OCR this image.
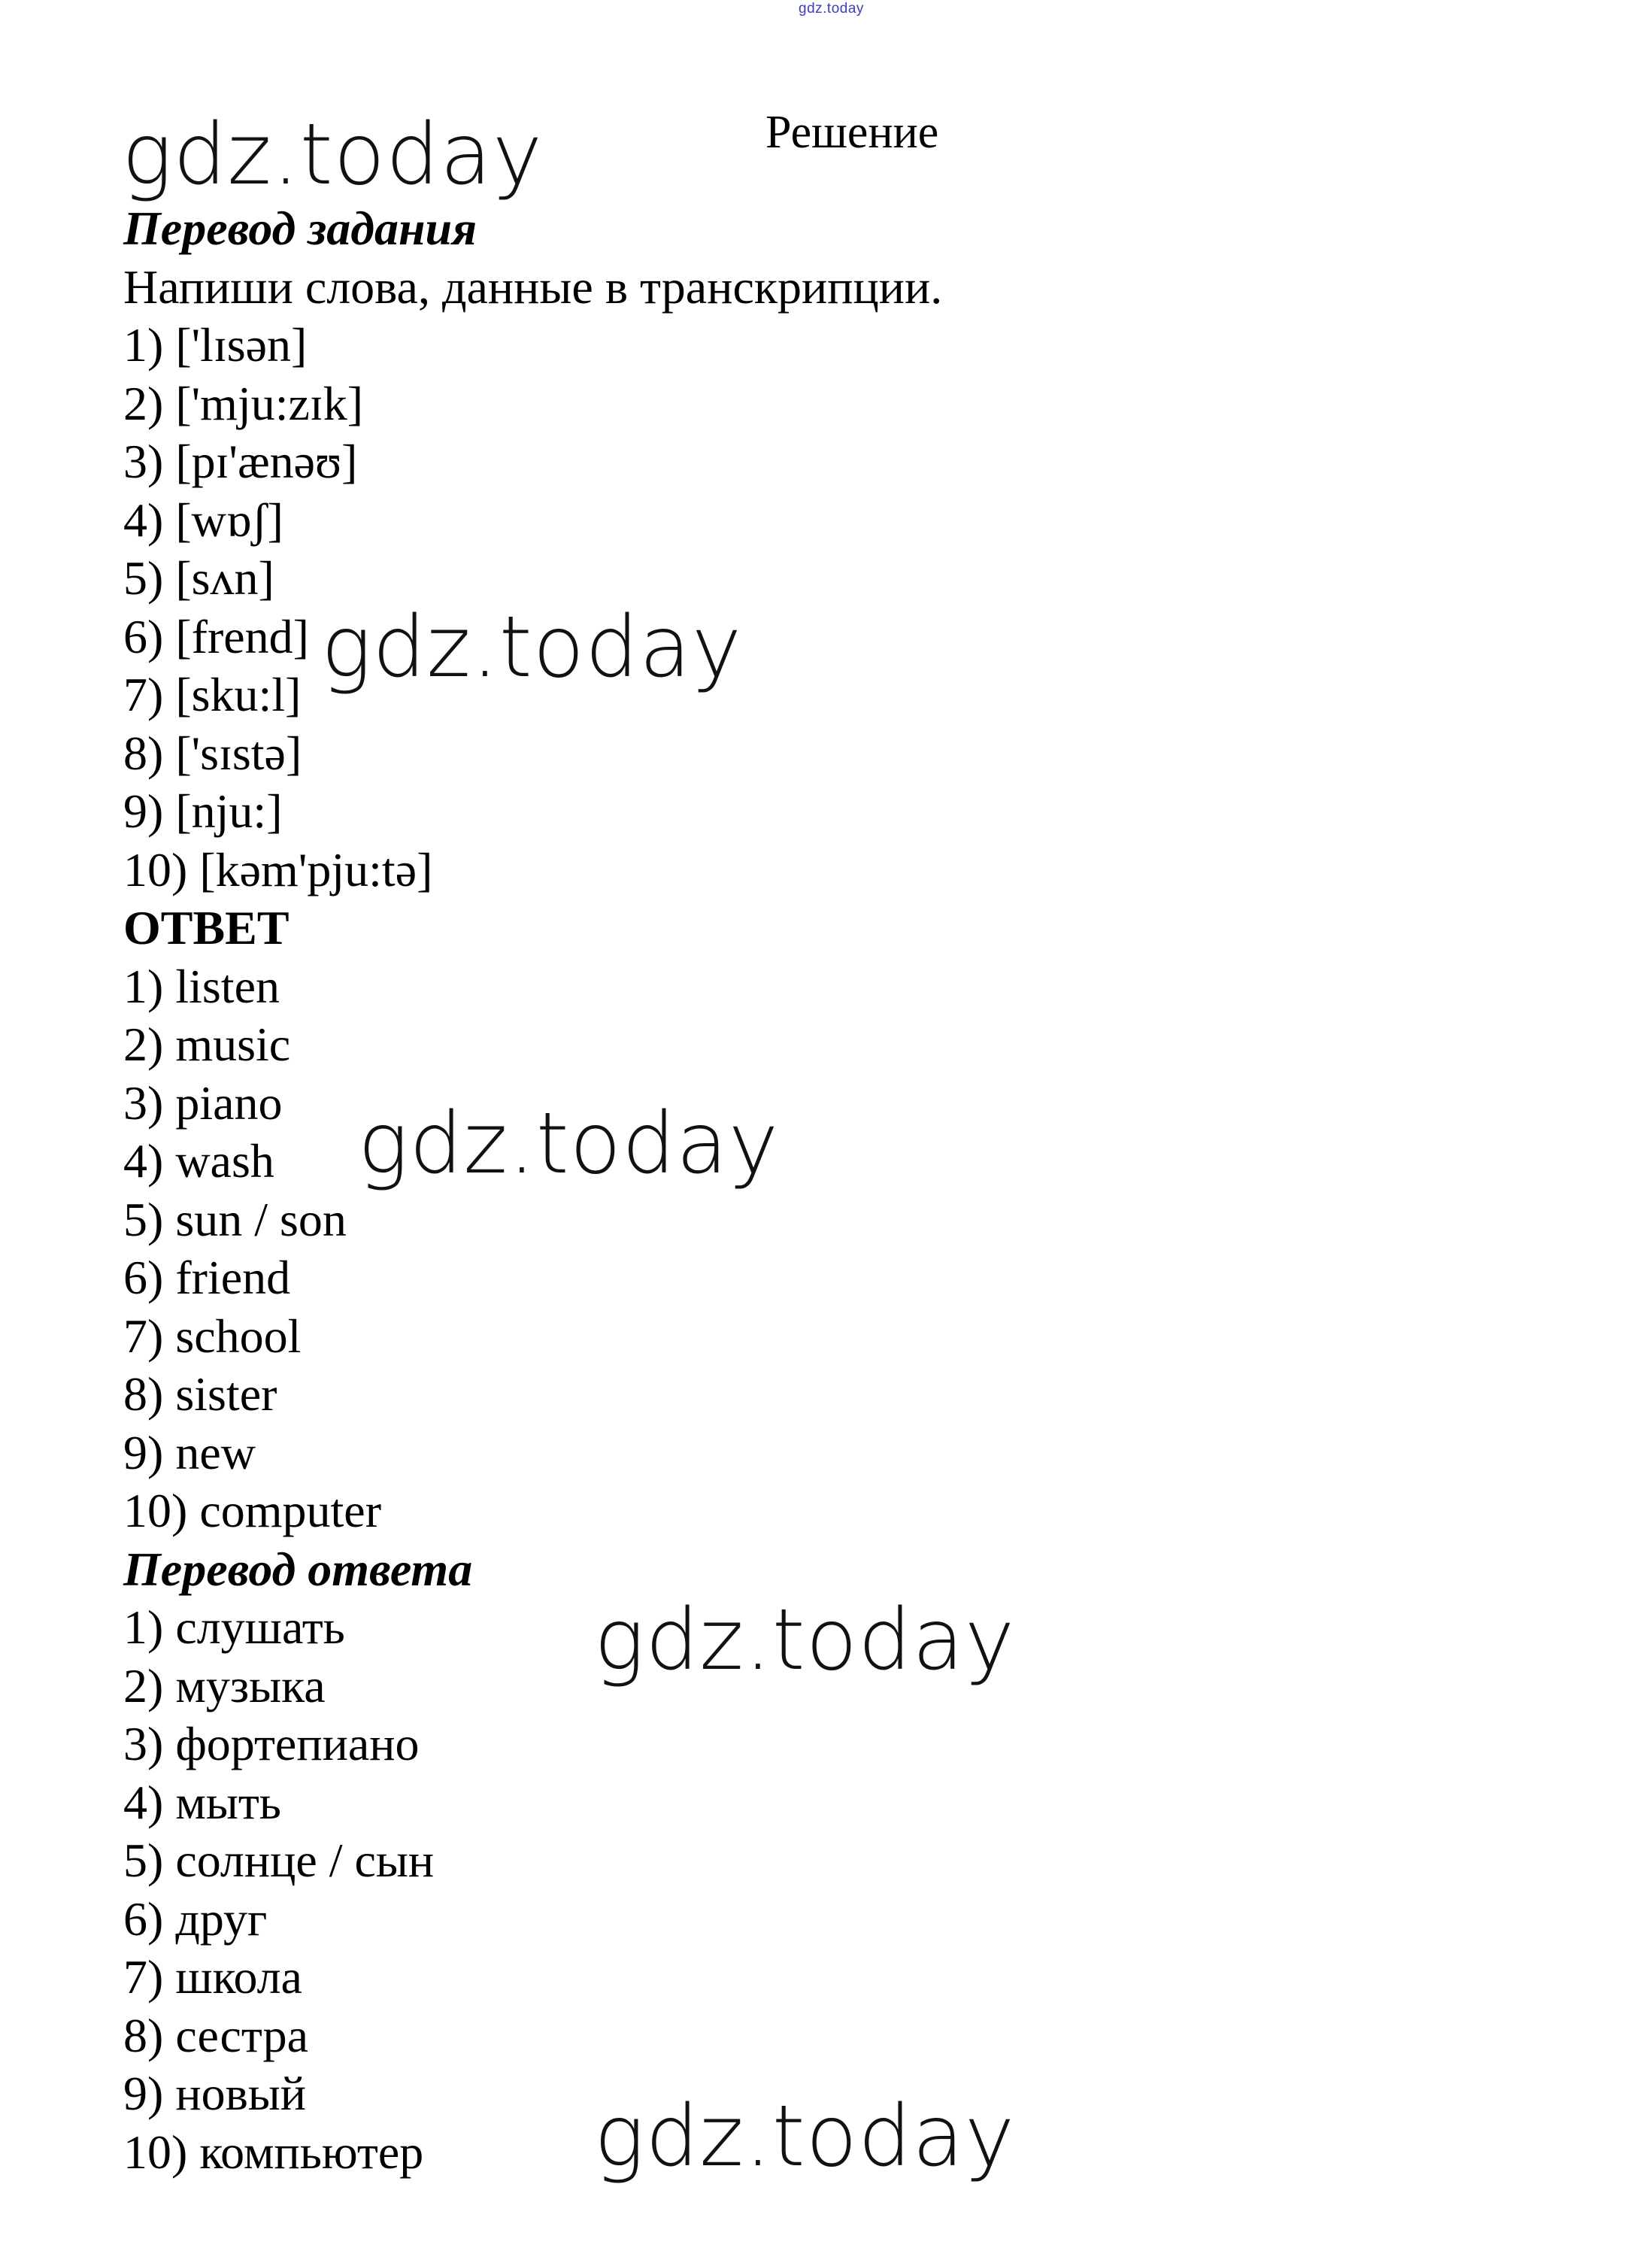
gdz.today
gdz.today
gdz.today
gdz.today
gdz.today
gdz.today
Решение
Перевод задания
Напиши слова, данные в транскрипции.
1) ['lɪsən]
2) ['mju:zɪk]
3) [pɪ'ænəʊ]
4) [wɒʃ]
5) [sʌn]
6) [frend]
7) [sku:l]
8) ['sɪstə]
9) [nju:]
10) [kəm'pju:tə]
ОТВЕТ
1) listen
2) music
3) piano
4) wash
5) sun / son
6) friend
7) school
8) sister
9) new
10) computer
Перевод ответа
1) слушать
2) музыка
3) фортепиано
4) мыть
5) солнце / сын
6) друг
7) школа
8) сестра
9) новый
10) компьютер
